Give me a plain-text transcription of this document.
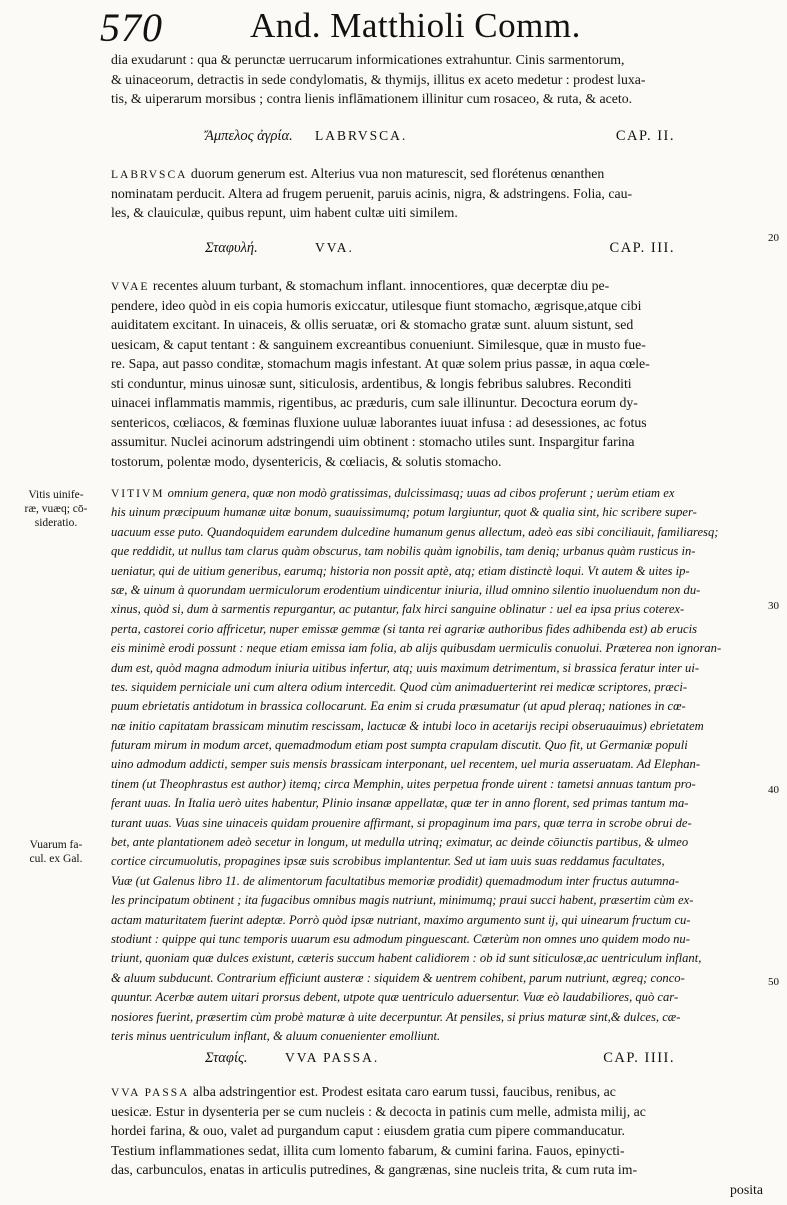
570 And. Matthioli Comm.
dia exudarunt : qua & perunctæ uerrucarum informicationes extrahuntur. Cinis sarmentorum,
& uinaceorum, detractis in sede condylomatis, & thymijs, illitus ex aceto medetur : prodest luxa-
tis, & uiperarum morsibus ; contra lienis inflāmationem illinitur cum rosaceo, & ruta, & aceto.
Ἄμπελος ἀγρία. LABRVSCA.	CAP. II.
LABRVSCA duorum generum est. Alterius vua non maturescit, sed florétenus œnanthen
nominatam perducit. Altera ad frugem peruenit, paruis acinis, nigra, & adstringens. Folia, cau-
les, & clauiculæ, quibus repunt, uim habent cultæ uiti similem.
Σταφυλή.	VVA.	CAP. III.
VVAE recentes aluum turbant, & stomachum inflant. innocentiores, quæ decerptæ diu pe-
pendere, ideo quòd in eis copia humoris exiccatur, utilesque fiunt stomacho, ægrisque,atque cibi
auiditatem excitant. In uinaceis, & ollis seruatæ, ori & stomacho gratæ sunt. aluum sistunt, sed
uesicam, & caput tentant : & sanguinem excreantibus conueniunt. Similesque, quæ in musto fue-
re. Sapa, aut passo conditæ, stomachum magis infestant. At quæ solem prius passæ, in aqua cœle-
sti conduntur, minus uinosæ sunt, siticulosis, ardentibus, & longis febribus salubres. Reconditi
uinacei inflammatis mammis, rigentibus, ac præduris, cum sale illinuntur. Decoctura eorum dy-
sentericos, cœliacos, & fœminas fluxione uuluæ laborantes iuuat infusa : ad desessiones, ac fotus
assumitur. Nuclei acinorum adstringendi uim obtinent : stomacho utiles sunt. Inspargitur farina
tostorum, polentæ modo, dysentericis, & cœliacis, & solutis stomacho.
VITIVM omnium genera, quæ non modò gratissimas, dulcissimasq; uuas ad cibos proferunt ; uerùm etiam ex
his uinum præcipuum humanæ uitæ bonum, suauissimumq; potum largiuntur, quot & qualia sint, hic scribere super-
uacuum esse puto. Quandoquidem earundem dulcedine humanum genus allectum, adeò eas sibi conciliauit, familiaresq;
que reddidit, ut nullus tam clarus quàm obscurus, tam nobilis quàm ignobilis, tam deniq; urbanus quàm rusticus in-
ueniatur, qui de uitium generibus, earumq; historia non possit aptè, atq; etiam distinctè loqui. Vt autem & uites ip-
sæ, & uinum à quorundam uermiculorum erodentium uindicentur iniuria, illud omnino silentio inuoluendum non du-
xinus, quòd si, dum à sarmentis repurgantur, ac putantur, falx hirci sanguine oblinatur : uel ea ipsa prius coterex-
perta, castorei corio affricetur, nuper emissæ gemmæ (si tanta rei agrariæ authoribus fides adhibenda est) ab erucis
eis minimè erodi possunt : neque etiam emissa iam folia, ab alijs quibusdam uermiculis conuolui. Præterea non ignoran-
dum est, quòd magna admodum iniuria uitibus infertur, atq; uuis maximum detrimentum, si brassica feratur inter ui-
tes. siquidem perniciale uni cum altera odium intercedit. Quod cùm animaduerterint rei medicæ scriptores, præci-
puum ebrietatis antidotum in brassica collocarunt. Ea enim si cruda præsumatur (ut apud pleraq; nationes in cœ-
næ initio capitatam brassicam minutim rescissam, lactucæ & intubi loco in acetarijs recipi obseruauimus) ebrietatem
futuram mirum in modum arcet, quemadmodum etiam post sumpta crapulam discutit. Quo fit, ut Germaniæ populi
uino admodum addicti, semper suis mensis brassicam interponant, uel recentem, uel muria asseruatam. Ad Elephan-
tinem (ut Theophrastus est author) itemq; circa Memphin, uites perpetua fronde uirent : tametsi annuas tantum pro-
ferant uuas. In Italia uerò uites habentur, Plinio insanæ appellatæ, quæ ter in anno florent, sed primas tantum ma-
turant uuas. Vuas sine uinaceis quidam prouenire affirmant, si propaginum ima pars, quæ terra in scrobe obrui de-
bet, ante plantationem adeò secetur in longum, ut medulla utrinq; eximatur, ac deinde cōiunctis partibus, & ulmeo
cortice circumuolutis, propagines ipsæ suis scrobibus implantentur. Sed ut iam uuis suas reddamus facultates,
Vuæ (ut Galenus libro 11. de alimentorum facultatibus memoriæ prodidit) quemadmodum inter fructus autumna-
les principatum obtinent ; ita fugacibus omnibus magis nutriunt, minimumq; praui succi habent, præsertim cùm ex-
actam maturitatem fuerint adeptæ. Porrò quòd ipsæ nutriant, maximo argumento sunt ij, qui uinearum fructum cu-
stodiunt : quippe qui tunc temporis uuarum esu admodum pinguescant. Cæterùm non omnes uno quidem modo nu-
triunt, quoniam quæ dulces existunt, cæteris succum habent calidiorem : ob id sunt siticulosæ,ac uentriculum inflant,
& aluum subducunt. Contrarium efficiunt austeræ : siquidem & uentrem cohibent, parum nutriunt, ægreq; conco-
quuntur. Acerbæ autem uitari prorsus debent, utpote quæ uentriculo aduersentur. Vuæ eò laudabiliores, quò car-
nosiores fuerint, præsertim cùm probè maturæ à uite decerpuntur. At pensiles, si prius maturæ sint,& dulces, cæ-
teris minus uentriculum inflant, & aluum conuenienter emolliunt.
Σταφίς.	VVA PASSA.	CAP. IIII.
VVA PASSA alba adstringentior est. Prodest esitata caro earum tussi, faucibus, renibus, ac
uesicæ. Estur in dysenteria per se cum nucleis : & decocta in patinis cum melle, admista milij, ac
hordei farina, & ouo, valet ad purgandum caput : eiusdem gratia cum pipere commanducatur.
Testium inflammationes sedat, illita cum lomento fabarum, & cumini farina. Fauos, epinycti-
das, carbunculos, enatas in articulis putredines, & gangrænas, sine nucleis trita, & cum ruta im-
posita
Vitis uinife-
ræ, vuæq; cō-
sideratio.
Vuarum fa-
cul. ex Gal.
20
30
40
50
